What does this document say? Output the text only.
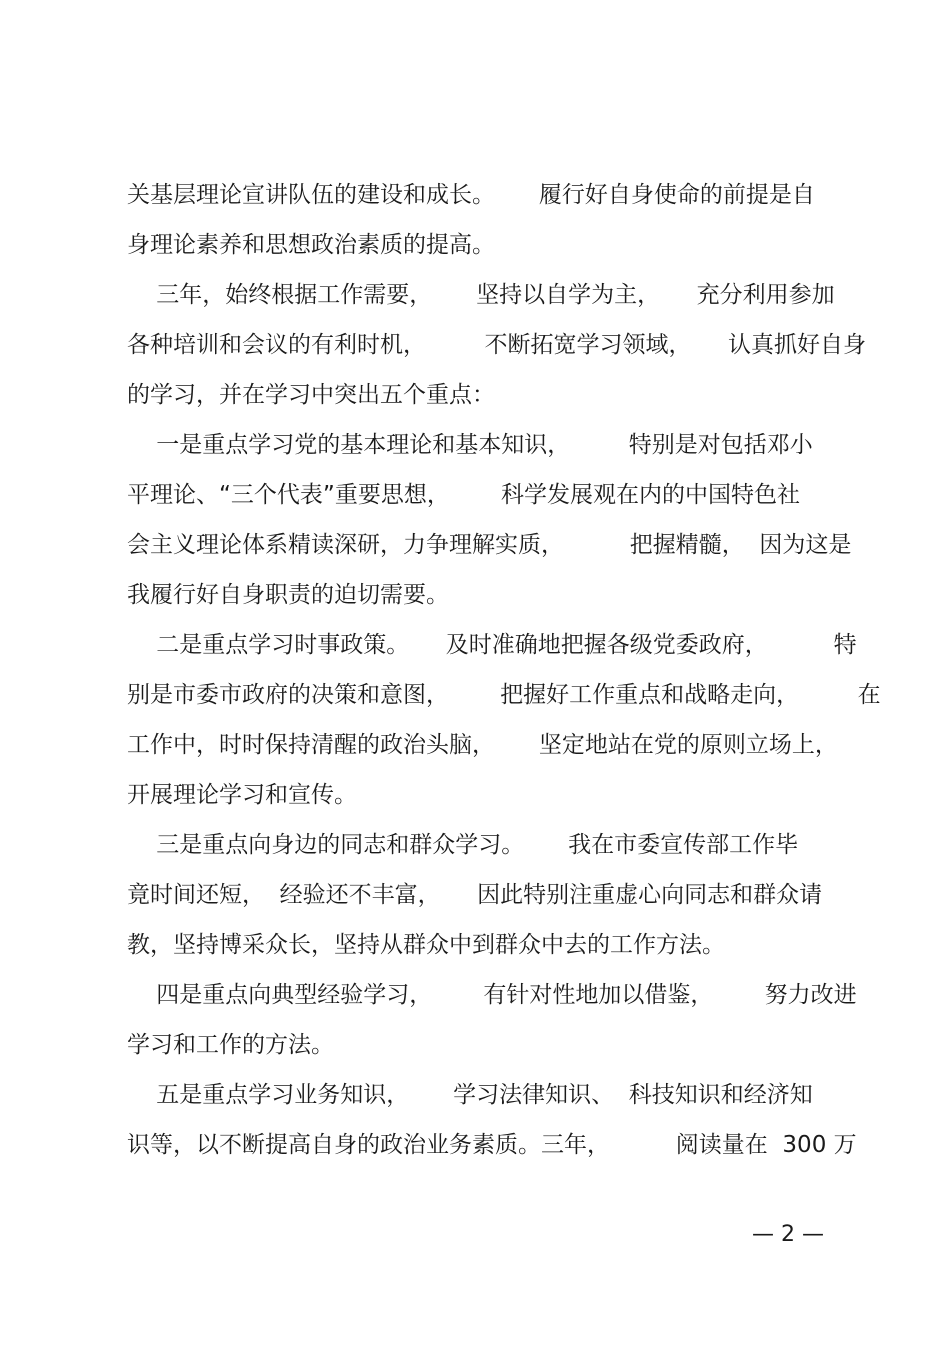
关基层理论宣讲队伍的建设和成长。      履行好自身使命的前提是自
身理论素养和思想政治素质的提高。
三年，始终根据工作需要，      坚持以自学为主，     充分利用参加
各种培训和会议的有利时机，        不断拓宽学习领域，     认真抓好自身
的学习，并在学习中突出五个重点：
一是重点学习党的基本理论和基本知识，        特别是对包括邓小
平理论、“三个代表”重要思想，       科学发展观在内的中国特色社
会主义理论体系精读深研，力争理解实质，         把握精髓，  因为这是
我履行好自身职责的迫切需要。
二是重点学习时事政策。     及时准确地把握各级党委政府，         特
别是市委市政府的决策和意图，       把握好工作重点和战略走向，        在
工作中，时时保持清醒的政治头脑，      坚定地站在党的原则立场上，
开展理论学习和宣传。
三是重点向身边的同志和群众学习。      我在市委宣传部工作毕
竟时间还短，  经验还不丰富，     因此特别注重虚心向同志和群众请
教，坚持博采众长，坚持从群众中到群众中去的工作方法。
四是重点向典型经验学习，       有针对性地加以借鉴，       努力改进
学习和工作的方法。
五是重点学习业务知识，      学习法律知识、  科技知识和经济知
识等，以不断提高自身的政治业务素质。三年，         阅读量在  300 万
— 2 —
